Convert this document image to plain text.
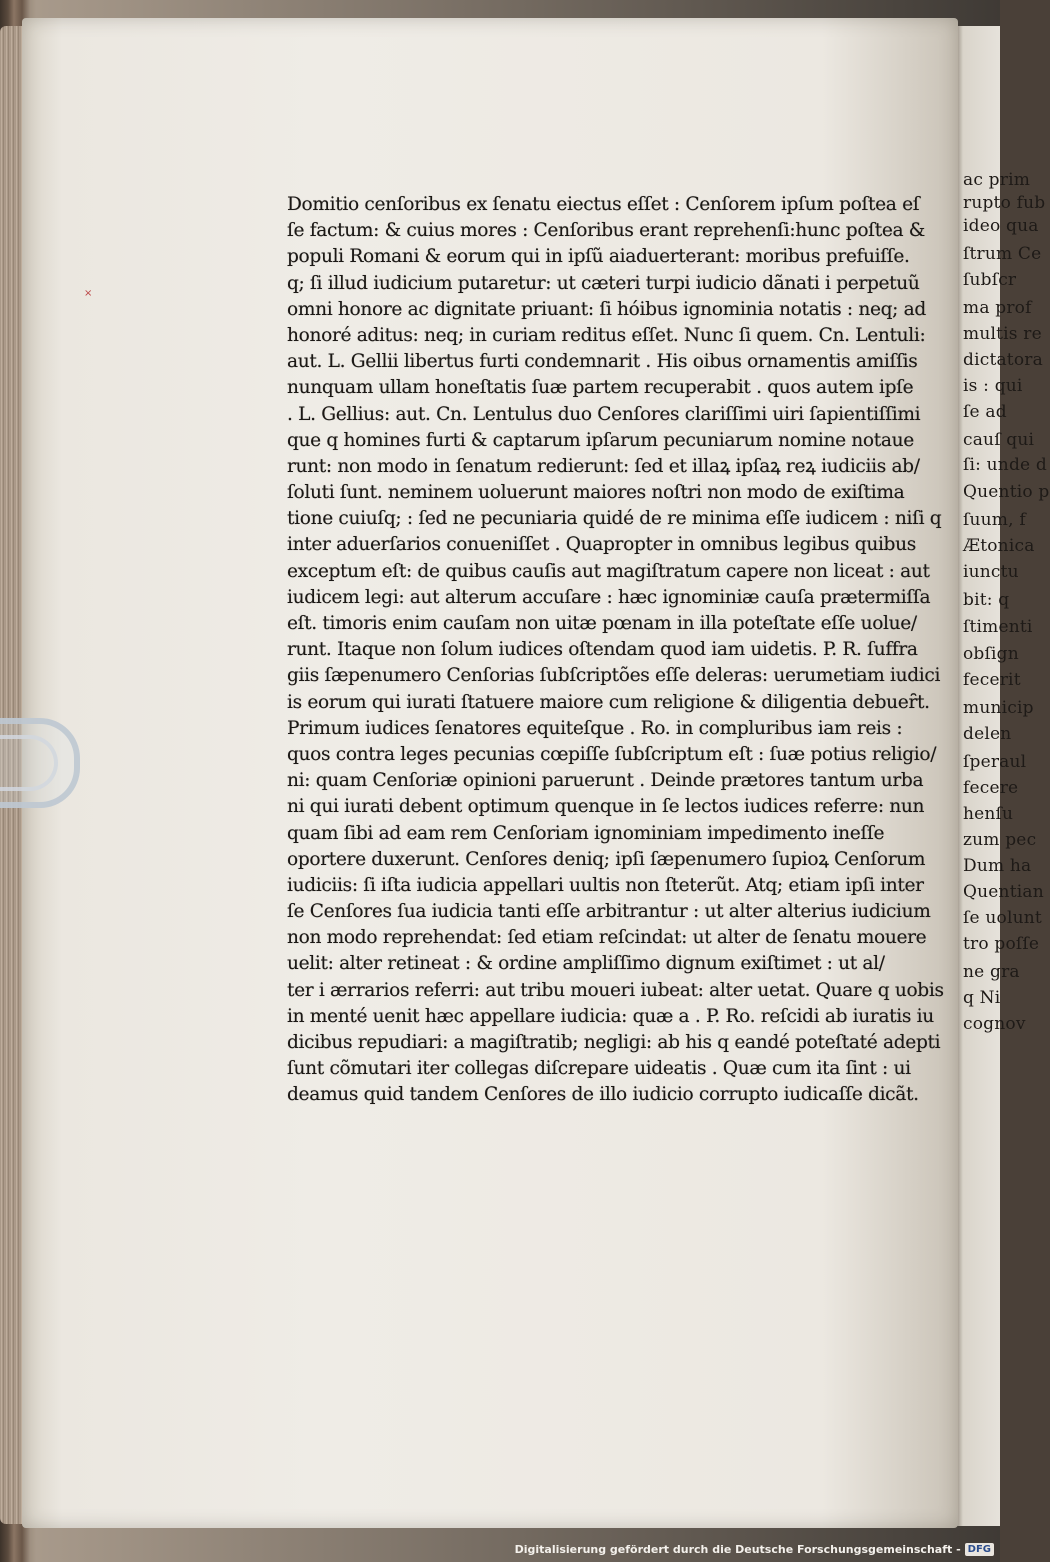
ac prim
rupto fub
ideo qua
ſtrum Ce
ſubſcr
ma prof
multis re
dictatora
is : qui
ſe ad
cauſ qui
ſi: unde d
Quentio p
ſuum, f
Ætonica
iunctu
bit: q
ſtimenti
obſign
fecerit
municip
delen
ſperaul
fecere
henſu
zum pec
Dum ha
Quentian
ſe uolunt
tro poſſe
ne gra
q Ni
cognov
×
Domitio cenſoribus ex ſenatu eiectus eſſet : Cenſorem ipſum poſtea eſ
ſe factum: & cuius mores : Cenſoribus erant reprehenſi:hunc poſtea &
populi Romani & eorum qui in ipſũ aiaduerterant: moribus prefuiſſe.
q; ſi illud iudicium putaretur: ut cæteri turpi iudicio dãnati i perpetuũ
omni honore ac dignitate priuant: ſi hóibus ignominia notatis : neq; ad
honoré aditus: neq; in curiam reditus eſſet. Nunc ſi quem. Cn. Lentuli:
aut. L. Gellii libertus furti condemnarit . His oibus ornamentis amiſſis
nunquam ullam honeſtatis ſuæ partem recuperabit . quos autem ipſe
. L. Gellius: aut. Cn. Lentulus duo Cenſores clariſſimi uiri ſapientiſſimi
que q homines furti & captarum ipſarum pecuniarum nomine notaue
runt: non modo in ſenatum redierunt: ſed et illaꝝ ipſaꝝ reꝝ iudiciis ab/
ſoluti ſunt. neminem uoluerunt maiores noſtri non modo de exiſtima
tione cuiuſq; : ſed ne pecuniaria quidé de re minima eſſe iudicem : niſi q
inter aduerſarios conueniſſet . Quapropter in omnibus legibus quibus
exceptum eſt: de quibus cauſis aut magiſtratum capere non liceat : aut
iudicem legi: aut alterum accuſare : hæc ignominiæ cauſa prætermiſſa
eſt. timoris enim cauſam non uitæ pœnam in illa poteſtate eſſe uolue/
runt. Itaque non ſolum iudices oſtendam quod iam uidetis. P. R. ſuffra
giis ſæpenumero Cenſorias ſubſcriptões eſſe deleras: uerumetiam iudici
is eorum qui iurati ſtatuere maiore cum religione & diligentia debueȓt.
Primum iudices ſenatores equiteſque . Ro. in compluribus iam reis :
quos contra leges pecunias cœpiſſe ſubſcriptum eſt : ſuæ potius religio/
ni: quam Cenſoriæ opinioni paruerunt . Deinde prætores tantum urba
ni qui iurati debent optimum quenque in ſe lectos iudices referre: nun
quam ſibi ad eam rem Cenſoriam ignominiam impedimento ineſſe
oportere duxerunt. Cenſores deniq; ipſi ſæpenumero ſupioꝝ Cenſorum
iudiciis: ſi iſta iudicia appellari uultis non ſteterũt. Atq; etiam ipſi inter
ſe Cenſores ſua iudicia tanti eſſe arbitrantur : ut alter alterius iudicium
non modo reprehendat: ſed etiam reſcindat: ut alter de ſenatu mouere
uelit: alter retineat : & ordine ampliſſimo dignum exiſtimet : ut al/
ter i ærrarios referri: aut tribu moueri iubeat: alter uetat. Quare q uobis
in menté uenit hæc appellare iudicia: quæ a . P. Ro. reſcidi ab iuratis iu
dicibus repudiari: a magiſtratib; negligi: ab his q eandé poteſtaté adepti
ſunt cõmutari iter collegas diſcrepare uideatis . Quæ cum ita ſint : ui
deamus quid tandem Cenſores de illo iudicio corrupto iudicaſſe dicãt.
Digitalisierung gefördert durch die Deutsche Forschungsgemeinschaft - DFG
